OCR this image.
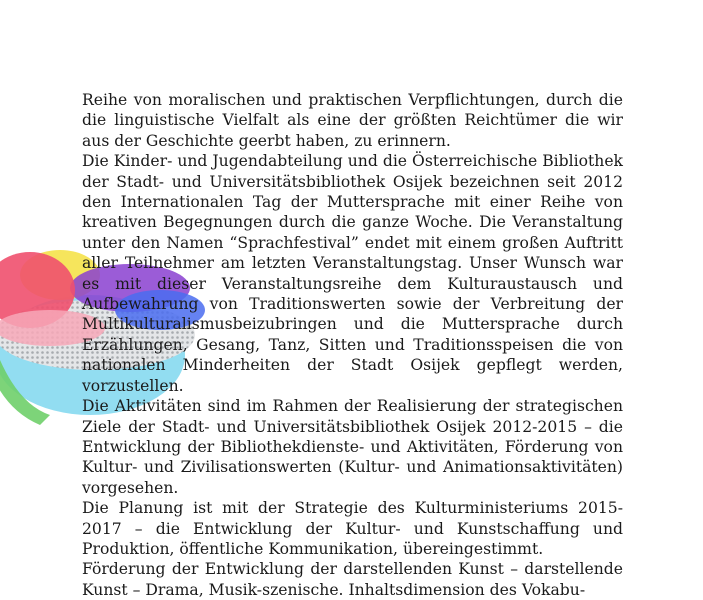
Reihe von moralischen und praktischen Verpflichtungen, durch die die linguistische Vielfalt als eine der größten Reichtümer die wir aus der Geschichte geerbt haben, zu erinnern.

Die Kinder- und Jugendabteilung und die Österreichische Bibliothek der Stadt- und Universitätsbibliothek Osijek bezeichnen seit 2012 den Internationalen Tag der Muttersprache mit einer Reihe von kreativen Begegnungen durch die ganze Woche. Die Veranstaltung unter den Namen “Sprachfestival” endet mit einem großen Auftritt aller Teilnehmer am letzten Veranstaltungstag. Unser Wunsch war es mit dieser Veranstaltungsreihe dem Kulturaustausch und Aufbewahrung von Traditionswerten sowie der Verbreitung der Multikulturalismusbeizubringen und die Muttersprache durch Erzählungen, Gesang, Tanz, Sitten und Traditionsspeisen die von nationalen Minderheiten der Stadt Osijek gepflegt werden, vorzustellen.

Die Aktivitäten sind im Rahmen der Realisierung der strategischen Ziele der Stadt- und Universitätsbibliothek Osijek 2012-2015 – die Entwicklung der Bibliothekdienste- und Aktivitäten, Förderung von Kultur- und Zivilisationswerten (Kultur- und Animationsaktivitäten) vorgesehen.

Die Planung ist mit der Strategie des Kulturministeriums 2015-2017 – die Entwicklung der Kultur- und Kunstschaffung und Produktion, öffentliche Kommunikation, übereingestimmt.

Förderung der Entwicklung der darstellenden Kunst – darstellende Kunst – Drama, Musik-szenische. Inhaltsdimension des Vokabu-
